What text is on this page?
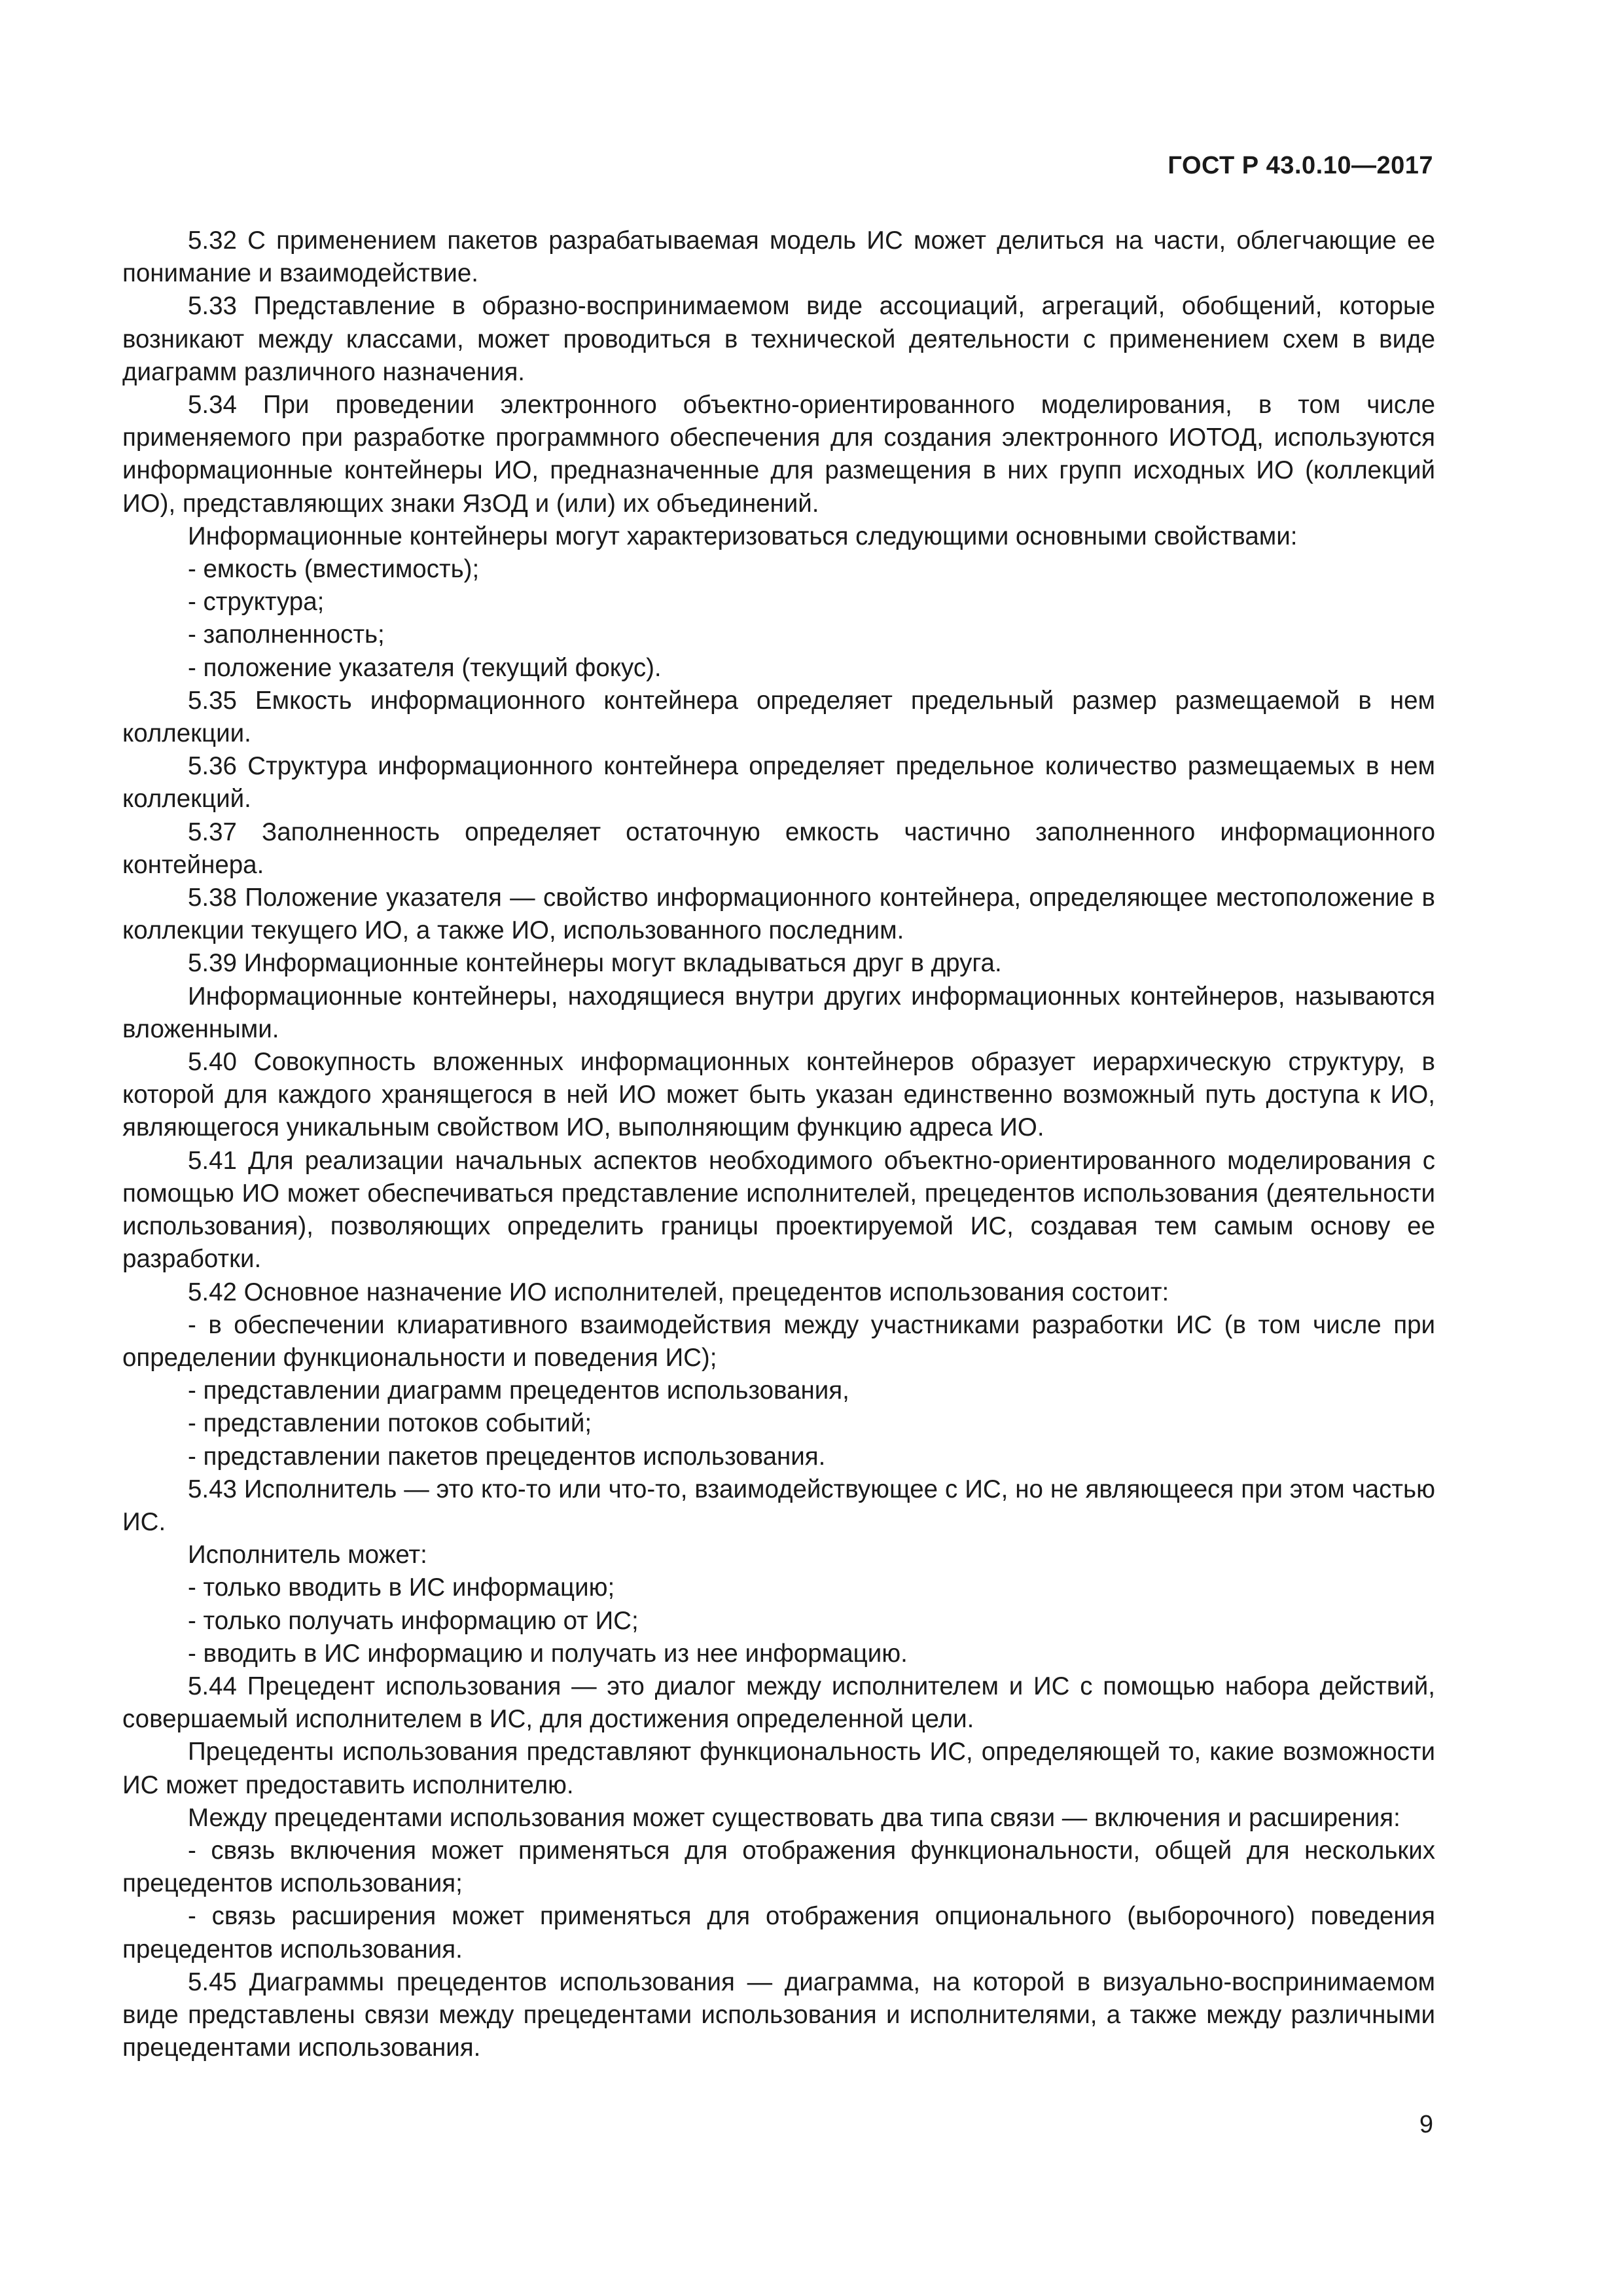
ГОСТ Р 43.0.10—2017

5.32 С применением пакетов разрабатываемая модель ИС может делиться на части, облегчающие ее понимание и взаимодействие.

5.33 Представление в образно-воспринимаемом виде ассоциаций, агрегаций, обобщений, которые возникают между классами, может проводиться в технической деятельности с применением схем в виде диаграмм различного назначения.

5.34 При проведении электронного объектно-ориентированного моделирования, в том числе применяемого при разработке программного обеспечения для создания электронного ИОТОД, используются информационные контейнеры ИО, предназначенные для размещения в них групп исходных ИО (коллекций ИО), представляющих знаки ЯзОД и (или) их объединений.

Информационные контейнеры могут характеризоваться следующими основными свойствами:

- емкость (вместимость);

- структура;

- заполненность;

- положение указателя (текущий фокус).

5.35 Емкость информационного контейнера определяет предельный размер размещаемой в нем коллекции.

5.36 Структура информационного контейнера определяет предельное количество размещаемых в нем коллекций.

5.37 Заполненность определяет остаточную емкость частично заполненного информационного контейнера.

5.38 Положение указателя — свойство информационного контейнера, определяющее местоположение в коллекции текущего ИО, а также ИО, использованного последним.

5.39 Информационные контейнеры могут вкладываться друг в друга.

Информационные контейнеры, находящиеся внутри других информационных контейнеров, называются вложенными.

5.40 Совокупность вложенных информационных контейнеров образует иерархическую структуру, в которой для каждого хранящегося в ней ИО может быть указан единственно возможный путь доступа к ИО, являющегося уникальным свойством ИО, выполняющим функцию адреса ИО.

5.41 Для реализации начальных аспектов необходимого объектно-ориентированного моделирования с помощью ИО может обеспечиваться представление исполнителей, прецедентов использования (деятельности использования), позволяющих определить границы проектируемой ИС, создавая тем самым основу ее разработки.

5.42 Основное назначение ИО исполнителей, прецедентов использования состоит:

- в обеспечении клиаративного взаимодействия между участниками разработки ИС (в том числе при определении функциональности и поведения ИС);

- представлении диаграмм прецедентов использования,

- представлении потоков событий;

- представлении пакетов прецедентов использования.

5.43 Исполнитель — это кто-то или что-то, взаимодействующее с ИС, но не являющееся при этом частью ИС.

Исполнитель может:

- только вводить в ИС информацию;

- только получать информацию от ИС;

- вводить в ИС информацию и получать из нее информацию.

5.44 Прецедент использования — это диалог между исполнителем и ИС с помощью набора действий, совершаемый исполнителем в ИС, для достижения определенной цели.

Прецеденты использования представляют функциональность ИС, определяющей то, какие возможности ИС может предоставить исполнителю.

Между прецедентами использования может существовать два типа связи — включения и расширения:

- связь включения может применяться для отображения функциональности, общей для нескольких прецедентов использования;

- связь расширения может применяться для отображения опционального (выборочного) поведения прецедентов использования.

5.45 Диаграммы прецедентов использования — диаграмма, на которой в визуально-воспринимаемом виде представлены связи между прецедентами использования и исполнителями, а также между различными прецедентами использования.

9
